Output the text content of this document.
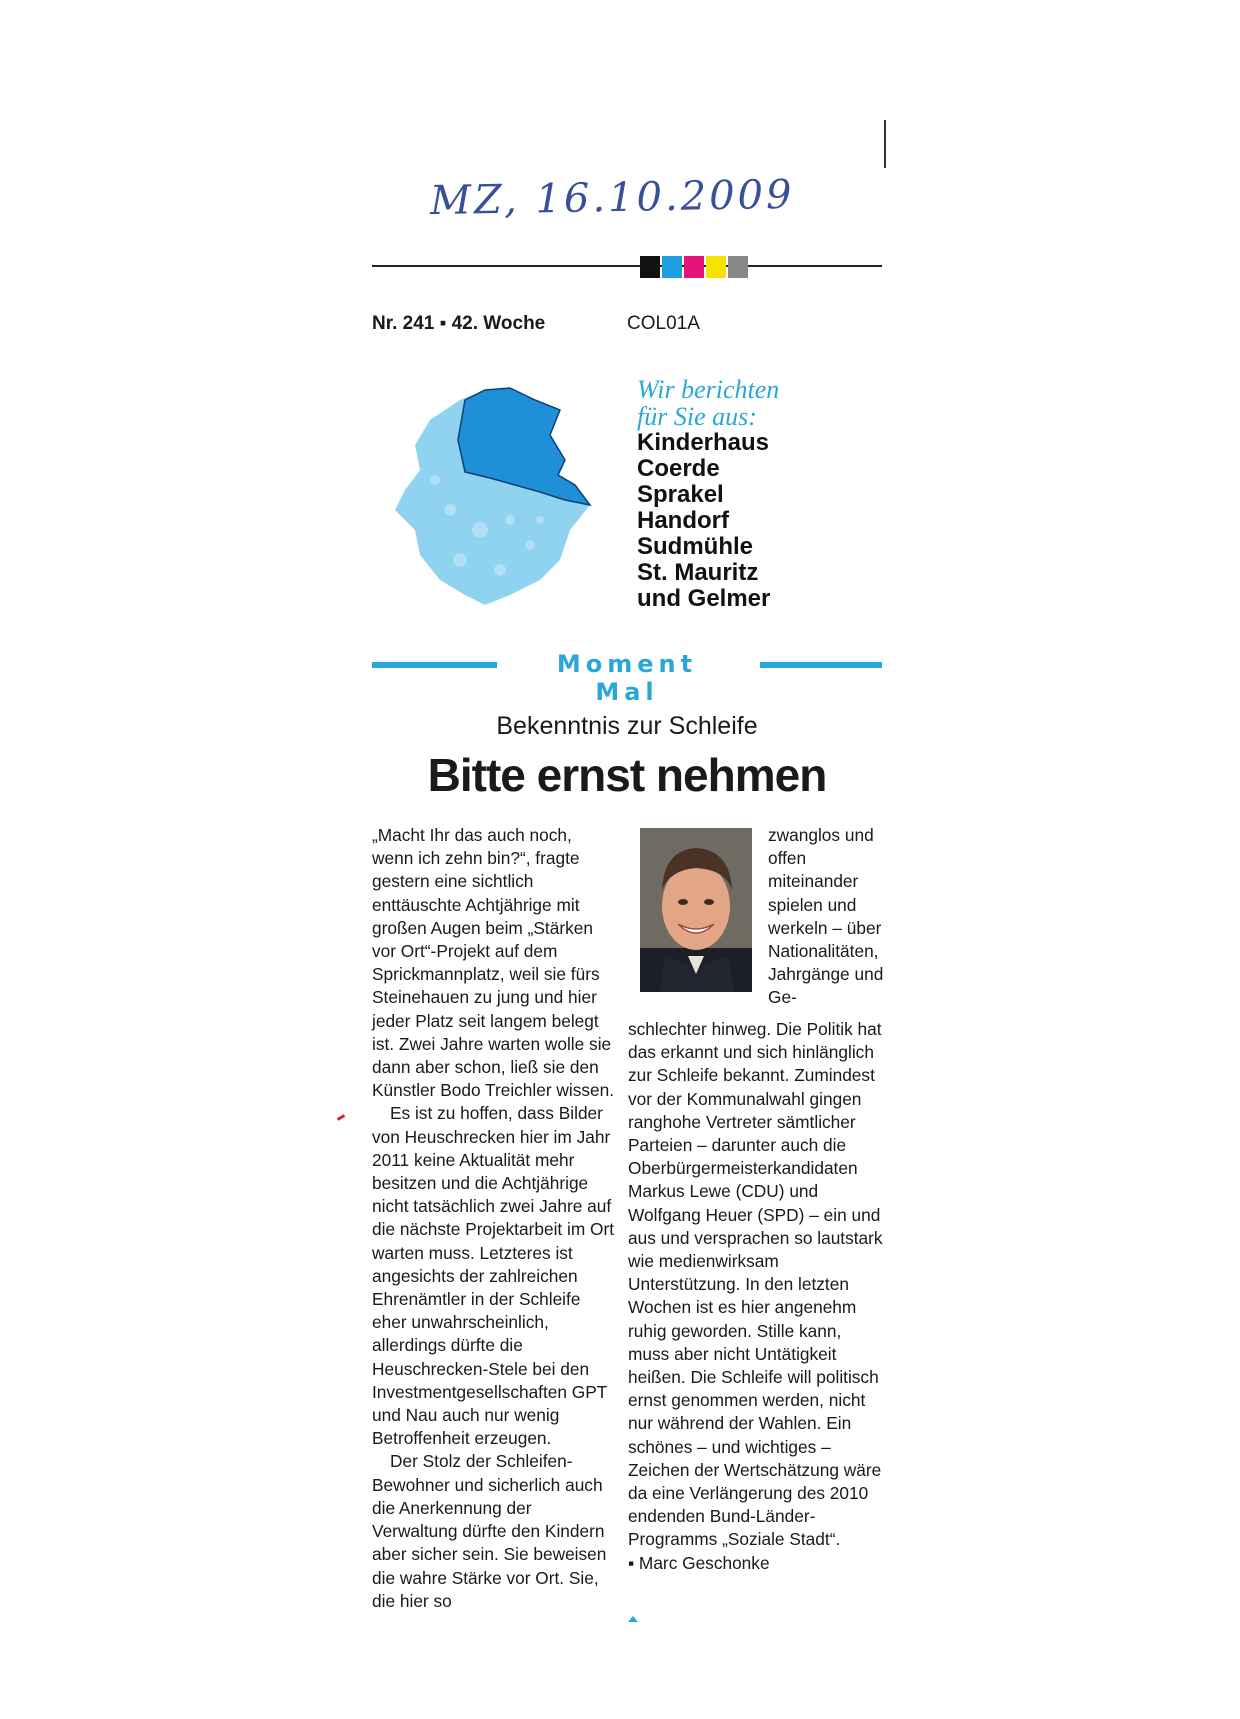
MZ, 16.10.2009
Nr. 241 ▪ 42. Woche	COL01A
Wir berichten
für Sie aus:
Kinderhaus
Coerde
Sprakel
Handorf
Sudmühle
St. Mauritz
und Gelmer
Moment Mal
Bekenntnis zur Schleife
Bitte ernst nehmen

„Macht Ihr das auch noch, wenn ich zehn bin?“, fragte gestern eine sichtlich enttäuschte Achtjährige mit großen Augen beim „Stärken vor Ort“-Projekt auf dem Sprickmannplatz, weil sie fürs Steinehauen zu jung und hier jeder Platz seit langem belegt ist. Zwei Jahre warten wolle sie dann aber schon, ließ sie den Künstler Bodo Treichler wissen.

Es ist zu hoffen, dass Bilder von Heuschrecken hier im Jahr 2011 keine Aktualität mehr besitzen und die Achtjährige nicht tatsächlich zwei Jahre auf die nächste Projektarbeit im Ort warten muss. Letzteres ist angesichts der zahlreichen Ehrenämtler in der Schleife eher unwahrscheinlich, allerdings dürfte die Heuschrecken-Stele bei den Investmentgesellschaften GPT und Nau auch nur wenig Betroffenheit erzeugen.

Der Stolz der Schleifen-Bewohner und sicherlich auch die Anerkennung der Verwaltung dürfte den Kindern aber sicher sein. Sie beweisen die wahre Stärke vor Ort. Sie, die hier so

zwanglos und offen miteinander spielen und werkeln – über Nationalitäten, Jahrgänge und Ge-

schlechter hinweg. Die Politik hat das erkannt und sich hinlänglich zur Schleife bekannt. Zumindest vor der Kommunalwahl gingen ranghohe Vertreter sämtlicher Parteien – darunter auch die Oberbürgermeisterkandidaten Markus Lewe (CDU) und Wolfgang Heuer (SPD) – ein und aus und versprachen so lautstark wie medienwirksam Unterstützung. In den letzten Wochen ist es hier angenehm ruhig geworden. Stille kann, muss aber nicht Untätigkeit heißen. Die Schleife will politisch ernst genommen werden, nicht nur während der Wahlen. Ein schönes – und wichtiges – Zeichen der Wertschätzung wäre da eine Verlängerung des 2010 endenden Bund-Länder-Programms „Soziale Stadt“.

▪ Marc Geschonke
